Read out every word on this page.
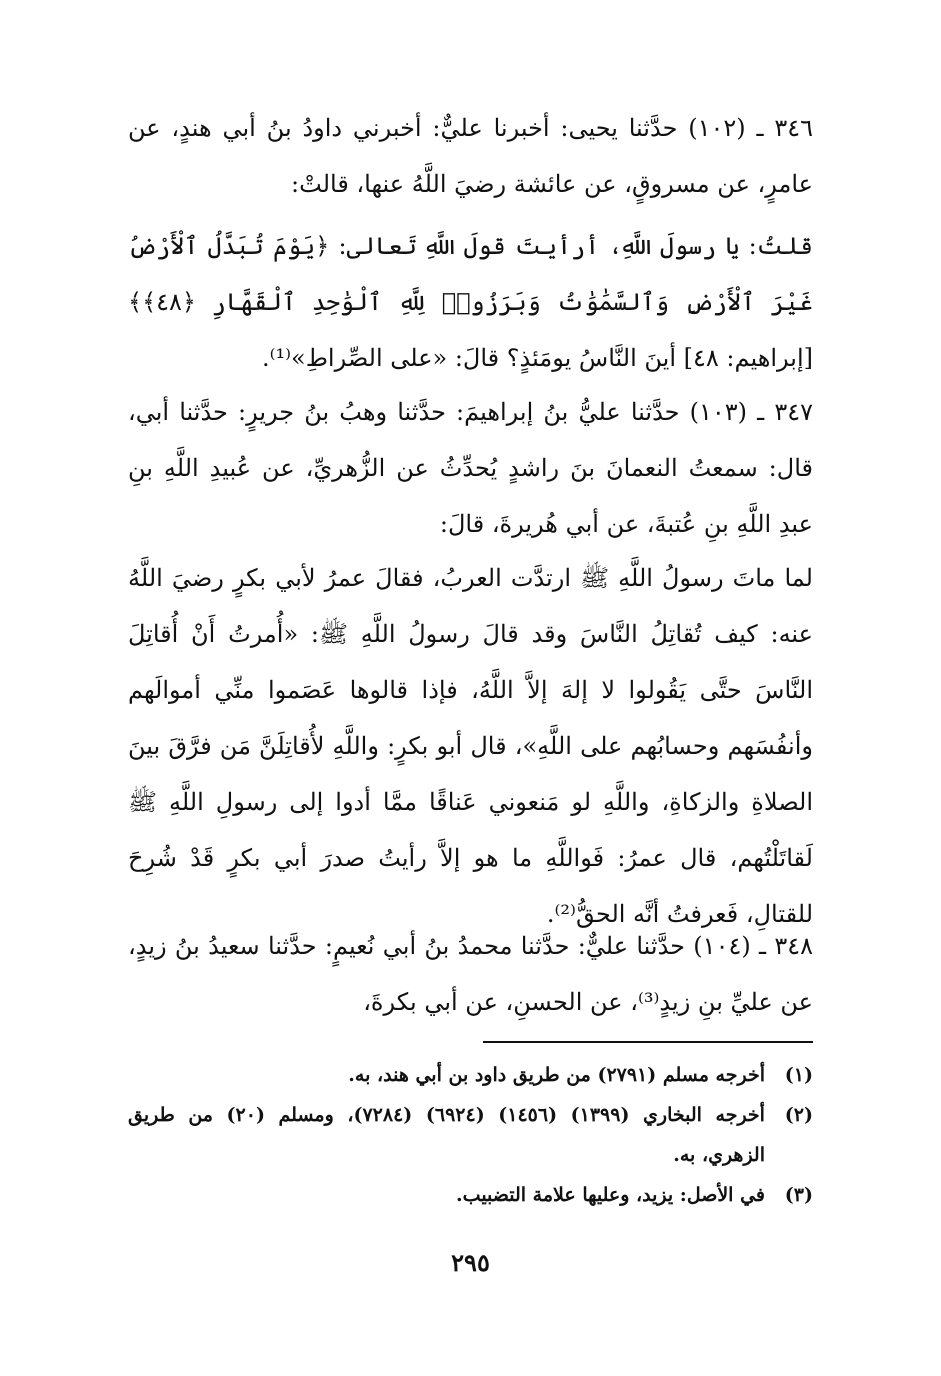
٣٤٦ ـ (١٠٢) حدَّثنا يحيى: أخبرنا عليٌّ: أخبرني داودُ بنُ أبي هندٍ، عن عامرٍ، عن مسروقٍ، عن عائشة رضيَ اللَّهُ عنها، قالتْ:

قلتُ: يا رسولَ اللَّهِ، أرأيتَ قولَ اللَّهِ تَعالى: ﴿يَوْمَ تُبَدَّلُ ٱلْأَرْضُ غَيْرَ ٱلْأَرْضِ وَٱلسَّمَٰوَٰتُ وَبَرَزُوا۟ لِلَّهِ ٱلْوَٰحِدِ ٱلْقَهَّارِ ﴿٤٨﴾﴾ [إبراهيم: ٤٨] أينَ النَّاسُ يومَئذٍ؟ قالَ: «على الصِّراطِ»⁽¹⁾.

٣٤٧ ـ (١٠٣) حدَّثنا عليُّ بنُ إبراهيمَ: حدَّثنا وهبُ بنُ جريرٍ: حدَّثنا أبي، قال: سمعتُ النعمانَ بنَ راشدٍ يُحدِّثُ عن الزُّهريِّ، عن عُبيدِ اللَّهِ بنِ عبدِ اللَّهِ بنِ عُتبةَ، عن أبي هُريرةَ، قالَ:

لما ماتَ رسولُ اللَّهِ ﷺ ارتدَّت العربُ، فقالَ عمرُ لأبي بكرٍ رضيَ اللَّهُ عنه: كيف تُقاتِلُ النَّاسَ وقد قالَ رسولُ اللَّهِ ﷺ: «أُمرتُ أَنْ أُقاتِلَ النَّاسَ حتَّى يَقُولوا لا إلهَ إلاَّ اللَّهُ، فإذا قالوها عَصَموا منِّي أموالَهم وأنفُسَهم وحسابُهم على اللَّهِ»، قال أبو بكرٍ: واللَّهِ لأُقاتِلَنَّ مَن فرَّقَ بينَ الصلاةِ والزكاةِ، واللَّهِ لو مَنعوني عَناقًا ممَّا أدوا إلى رسولِ اللَّهِ ﷺ لَقاتَلْتُهم، قال عمرُ: فَواللَّهِ ما هو إلاَّ رأيتُ صدرَ أبي بكرٍ قَدْ شُرِحَ للقتالِ، فَعرفتُ أنَّه الحقُّ⁽²⁾.

٣٤٨ ـ (١٠٤) حدَّثنا عليٌّ: حدَّثنا محمدُ بنُ أبي نُعيمٍ: حدَّثنا سعيدُ بنُ زيدٍ، عن عليِّ بنِ زيدٍ⁽³⁾، عن الحسنِ، عن أبي بكرةَ،

(١)
أخرجه مسلم (٢٧٩١) من طريق داود بن أبي هند، به.
(٢)
أخرجه البخاري (١٣٩٩) (١٤٥٦) (٦٩٢٤) (٧٢٨٤)، ومسلم (٢٠) من طريق الزهري، به.
(٣)
في الأصل: يزيد، وعليها علامة التضبيب.
٢٩٥
